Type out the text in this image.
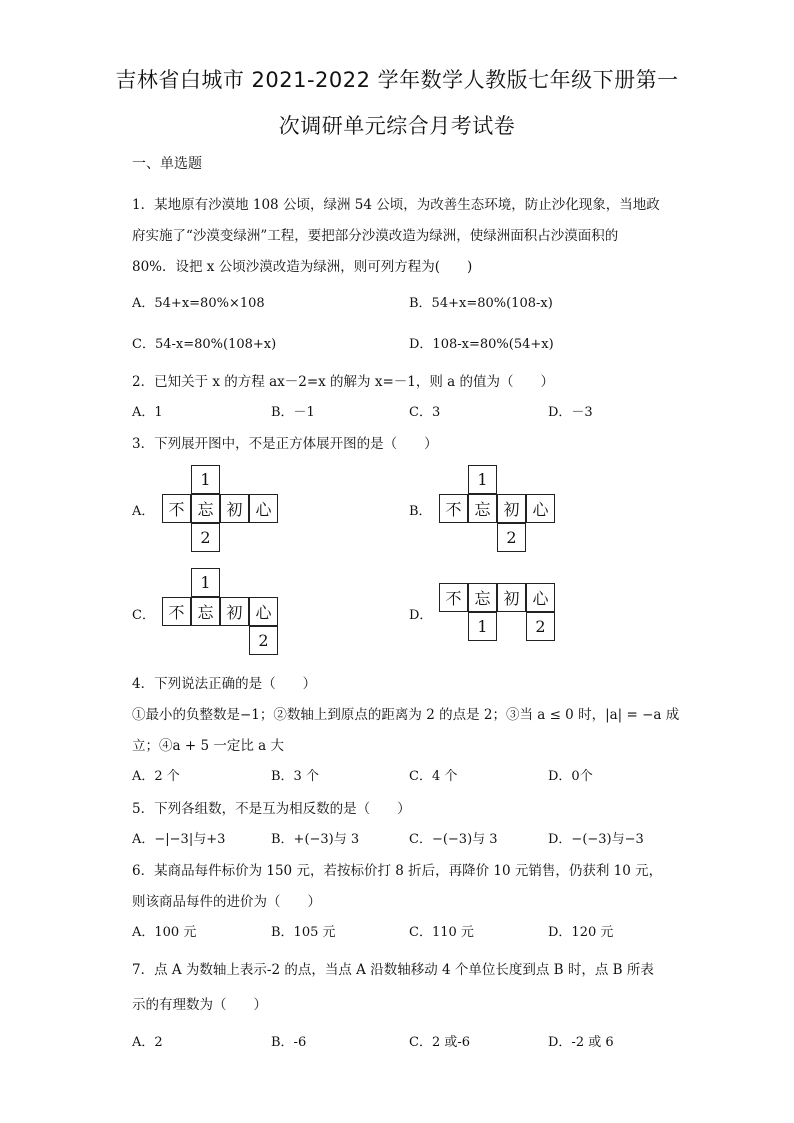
吉林省白城市 2021-2022 学年数学人教版七年级下册第一
次调研单元综合月考试卷
一、单选题
1．某地原有沙漠地 108 公顷，绿洲 54 公顷，为改善生态环境，防止沙化现象，当地政
府实施了“沙漠变绿洲”工程，要把部分沙漠改造为绿洲，使绿洲面积占沙漠面积的
80%．设把 x 公顷沙漠改造为绿洲，则可列方程为(　　)
A．54+x=80%×108	B．54+x=80%(108-x)
C．54-x=80%(108+x)	D．108-x=80%(54+x)
2．已知关于 x 的方程 ax－2=x 的解为 x=－1，则 a 的值为（　　）
A．1	B．－1	C．3	D．－3
3．下列展开图中，不是正方体展开图的是（　　）
A．
1
不 忘 初 心
2
B．
1
不 忘 初 心
2
C．
1
不 忘 初 心
2
D．
不 忘 初 心
1	2
4．下列说法正确的是（　　）
①最小的负整数是−1；②数轴上到原点的距离为 2 的点是 2；③当 a ≤ 0 时，|a| = −a 成
立；④a + 5 一定比 a 大
A．2 个	B．3 个	C．4 个	D．0个
5．下列各组数，不是互为相反数的是（　　）
A．−|−3|与+3	B．+(−3)与 3	C．−(−3)与 3	D．−(−3)与−3
6．某商品每件标价为 150 元，若按标价打 8 折后，再降价 10 元销售，仍获利 10 元，
则该商品每件的进价为（　　）
A．100 元	B．105 元	C．110 元	D．120 元
7．点 A 为数轴上表示-2 的点，当点 A 沿数轴移动 4 个单位长度到点 B 时，点 B 所表
示的有理数为（　　）
A．2	B．-6	C．2 或-6	D．-2 或 6
